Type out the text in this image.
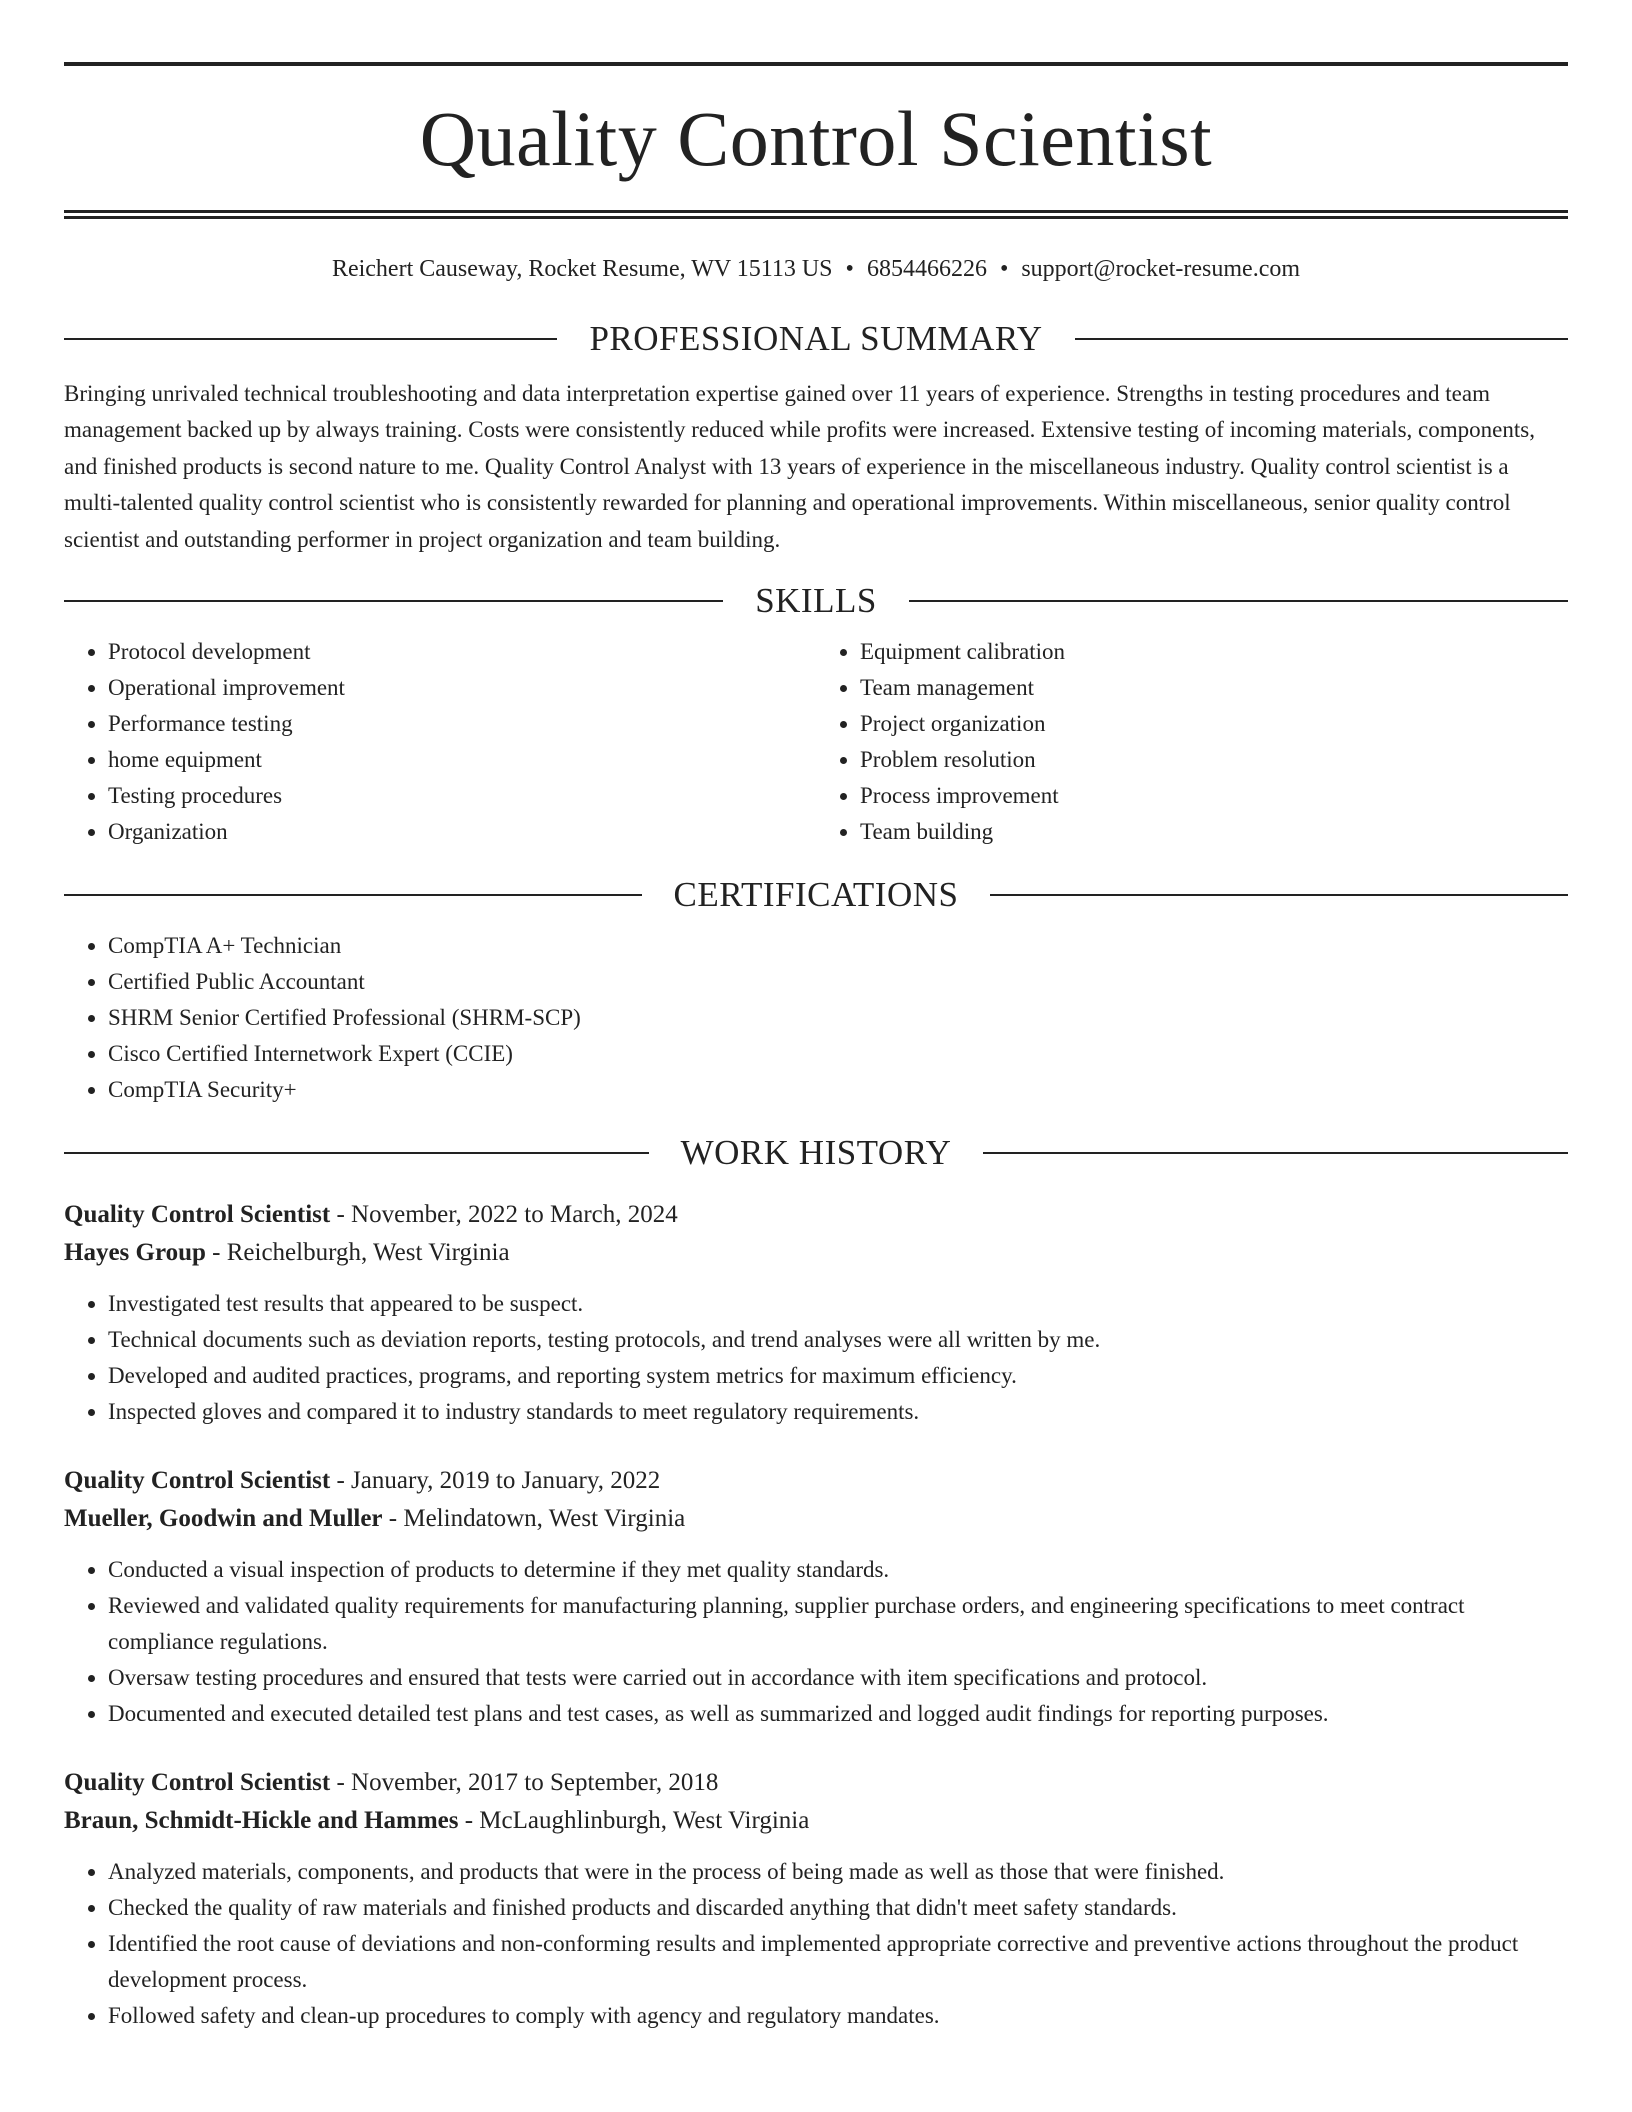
Quality Control Scientist
Reichert Causeway, Rocket Resume, WV 15113 US • 6854466226 • support@rocket-resume.com
PROFESSIONAL SUMMARY

Bringing unrivaled technical troubleshooting and data interpretation expertise gained over 11 years of experience. Strengths in testing procedures and team management backed up by always training. Costs were consistently reduced while profits were increased. Extensive testing of incoming materials, components, and finished products is second nature to me. Quality Control Analyst with 13 years of experience in the miscellaneous industry. Quality control scientist is a multi-talented quality control scientist who is consistently rewarded for planning and operational improvements. Within miscellaneous, senior quality control scientist and outstanding performer in project organization and team building.

SKILLS
• Protocol development
• Operational improvement
• Performance testing
• home equipment
• Testing procedures
• Organization
• Equipment calibration
• Team management
• Project organization
• Problem resolution
• Process improvement
• Team building
CERTIFICATIONS
• CompTIA A+ Technician
• Certified Public Accountant
• SHRM Senior Certified Professional (SHRM-SCP)
• Cisco Certified Internetwork Expert (CCIE)
• CompTIA Security+
WORK HISTORY
Quality Control Scientist - November, 2022 to March, 2024
Hayes Group - Reichelburgh, West Virginia
• Investigated test results that appeared to be suspect.
• Technical documents such as deviation reports, testing protocols, and trend analyses were all written by me.
• Developed and audited practices, programs, and reporting system metrics for maximum efficiency.
• Inspected gloves and compared it to industry standards to meet regulatory requirements.
Quality Control Scientist - January, 2019 to January, 2022
Mueller, Goodwin and Muller - Melindatown, West Virginia
• Conducted a visual inspection of products to determine if they met quality standards.
• Reviewed and validated quality requirements for manufacturing planning, supplier purchase orders, and engineering specifications to meet contract compliance regulations.
• Oversaw testing procedures and ensured that tests were carried out in accordance with item specifications and protocol.
• Documented and executed detailed test plans and test cases, as well as summarized and logged audit findings for reporting purposes.
Quality Control Scientist - November, 2017 to September, 2018
Braun, Schmidt-Hickle and Hammes - McLaughlinburgh, West Virginia
• Analyzed materials, components, and products that were in the process of being made as well as those that were finished.
• Checked the quality of raw materials and finished products and discarded anything that didn't meet safety standards.
• Identified the root cause of deviations and non-conforming results and implemented appropriate corrective and preventive actions throughout the product development process.
• Followed safety and clean-up procedures to comply with agency and regulatory mandates.
